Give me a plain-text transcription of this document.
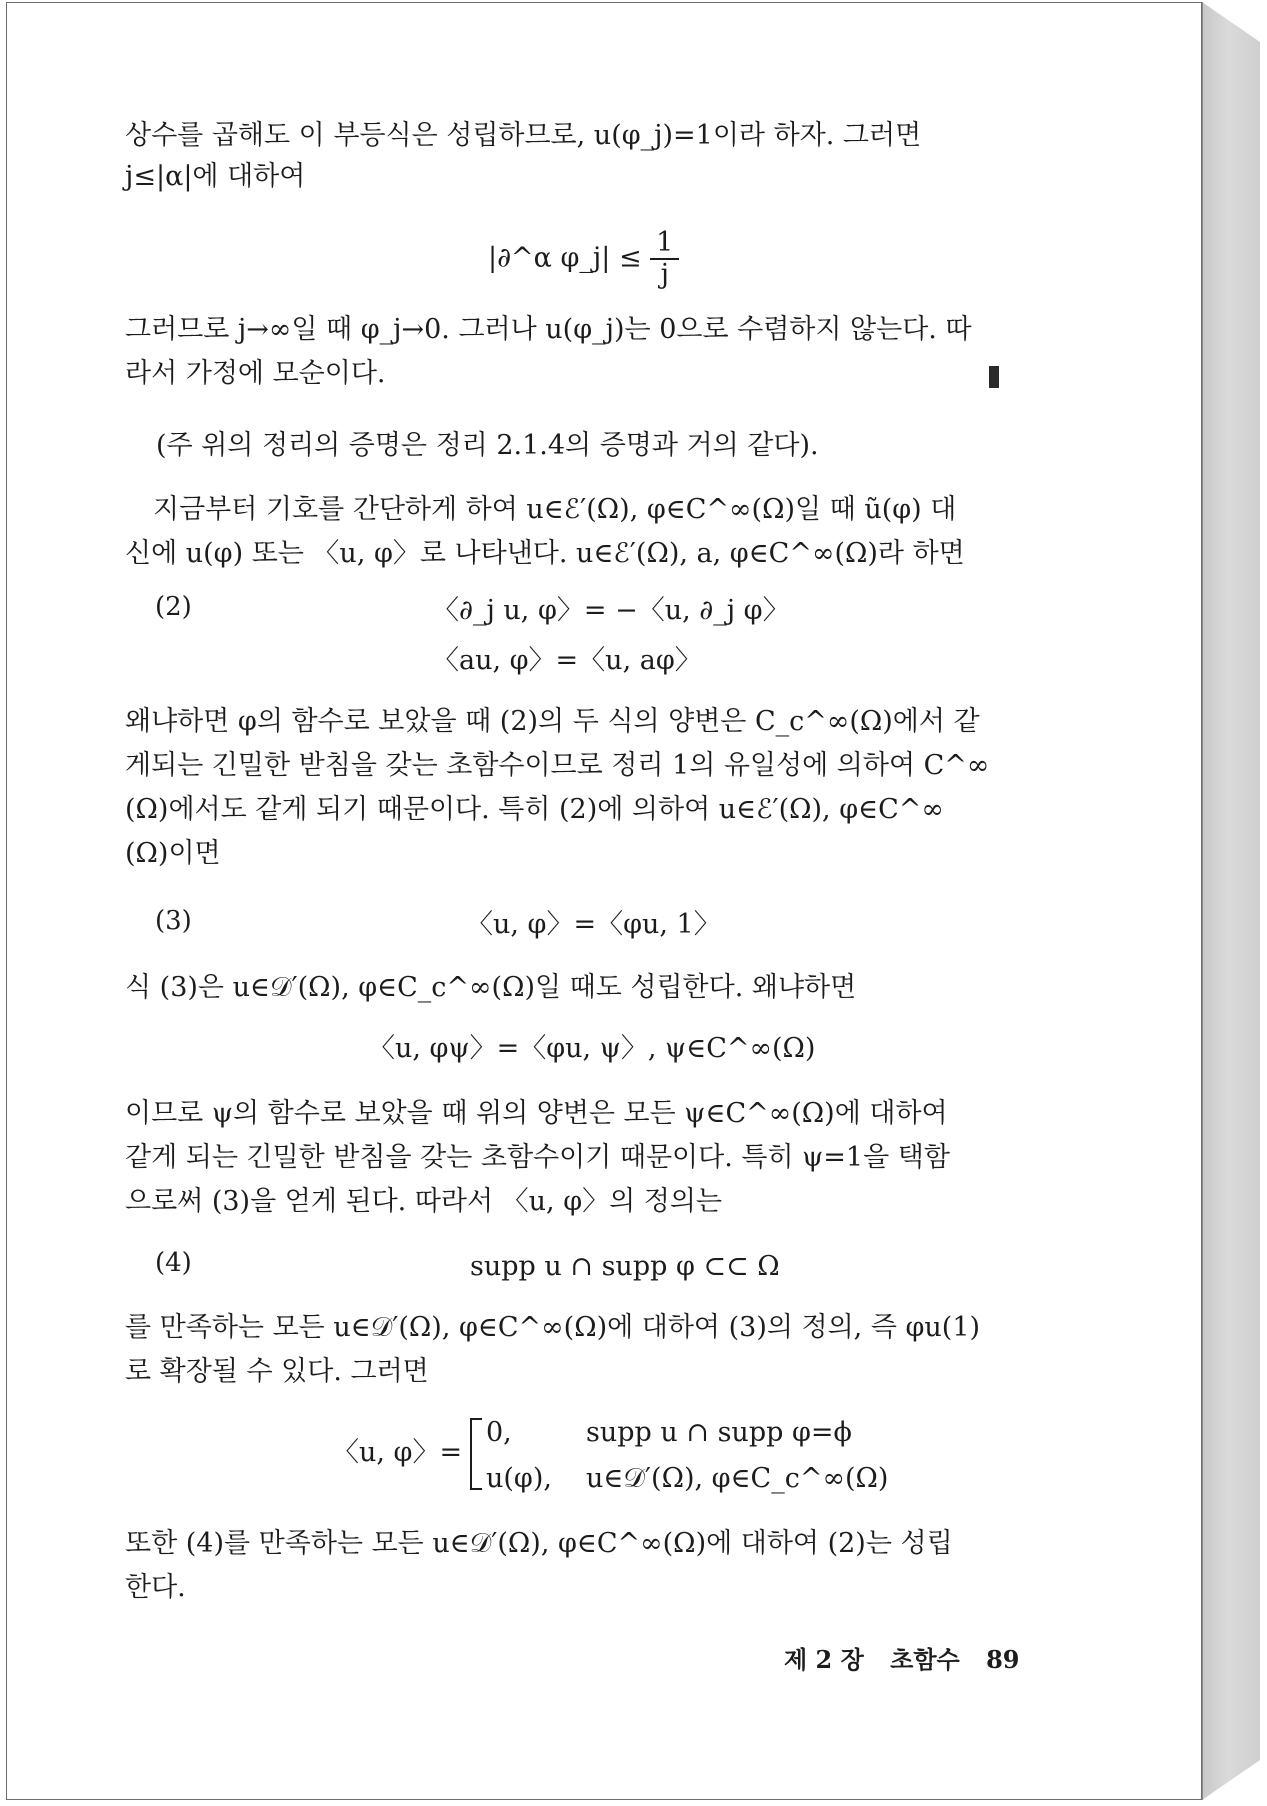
상수를 곱해도 이 부등식은 성립하므로, u(φ_j)=1이라 하자. 그러면
j≤|α|에 대하여
|∂^α φ_j| ≤ $\frac{1}{j}$
그러므로 j→∞일 때 φ_j→0. 그러나 u(φ_j)는 0으로 수렴하지 않는다. 따
라서 가정에 모순이다.
(주 위의 정리의 증명은 정리 2.1.4의 증명과 거의 같다).
지금부터 기호를 간단하게 하여 u∈ℰ′(Ω), φ∈C^∞(Ω)일 때 ũ(φ) 대
신에 u(φ) 또는 〈u, φ〉로 나타낸다. u∈ℰ′(Ω), a, φ∈C^∞(Ω)라 하면
(2)	〈∂_j u, φ〉= −〈u, ∂_j φ〉
〈au, φ〉=〈u, aφ〉
왜냐하면 φ의 함수로 보았을 때 (2)의 두 식의 양변은 C_c^∞(Ω)에서 같
게되는 긴밀한 받침을 갖는 초함수이므로 정리 1의 유일성에 의하여 C^∞
(Ω)에서도 같게 되기 때문이다. 특히 (2)에 의하여 u∈ℰ′(Ω), φ∈C^∞
(Ω)이면
(3)	〈u, φ〉=〈φu, 1〉
식 (3)은 u∈𝒟′(Ω), φ∈C_c^∞(Ω)일 때도 성립한다. 왜냐하면
〈u, φψ〉=〈φu, ψ〉, ψ∈C^∞(Ω)
이므로 ψ의 함수로 보았을 때 위의 양변은 모든 ψ∈C^∞(Ω)에 대하여
같게 되는 긴밀한 받침을 갖는 초함수이기 때문이다. 특히 ψ=1을 택함
으로써 (3)을 얻게 된다. 따라서 〈u, φ〉의 정의는
(4)	supp u ∩ supp φ ⊂⊂ Ω
를 만족하는 모든 u∈𝒟′(Ω), φ∈C^∞(Ω)에 대하여 (3)의 정의, 즉 φu(1)
로 확장될 수 있다. 그러면
〈u, φ〉=
0,	supp u ∩ supp φ=ϕ
u(φ), u∈𝒟′(Ω), φ∈C_c^∞(Ω)
또한 (4)를 만족하는 모든 u∈𝒟′(Ω), φ∈C^∞(Ω)에 대하여 (2)는 성립
한다.
제 2 장 초함수 89
